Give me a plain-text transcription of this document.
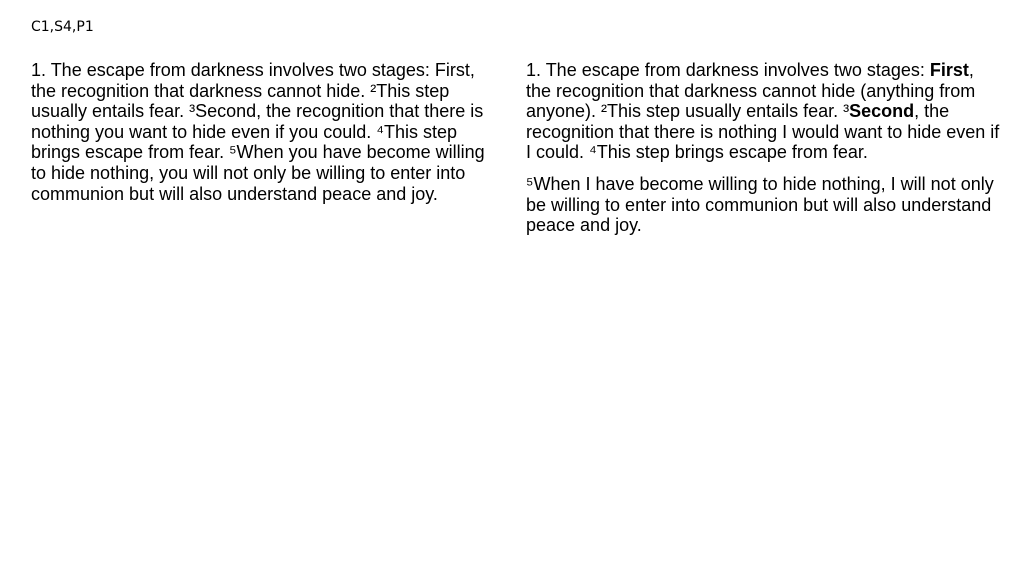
C1,S4,P1

1. The escape from darkness involves two stages: First, the recognition that darkness cannot hide. ²This step usually entails fear. ³Second, the recognition that there is nothing you want to hide even if you could. ⁴This step brings escape from fear. ⁵When you have become willing to hide nothing, you will not only be willing to enter into communion but will also understand peace and joy.

1. The escape from darkness involves two stages: First, the recognition that darkness cannot hide (anything from anyone). ²This step usually entails fear. ³Second, the recognition that there is nothing I would want to hide even if I could. ⁴This step brings escape from fear.

⁵When I have become willing to hide nothing, I will not only be willing to enter into communion but will also understand peace and joy.
